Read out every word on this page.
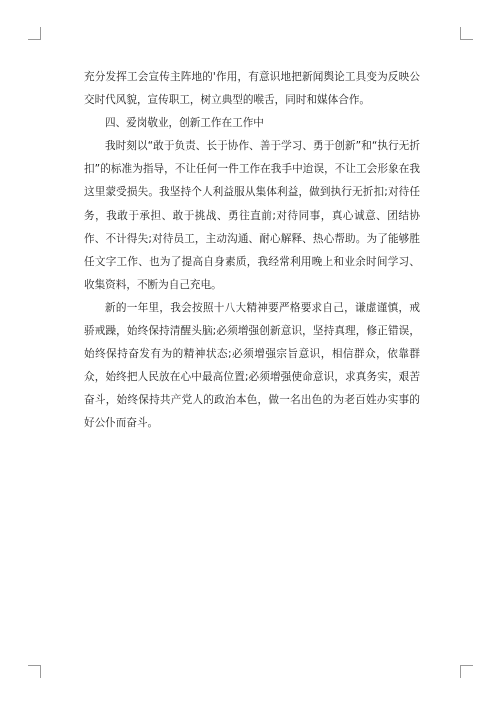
充分发挥工会宣传主阵地的'作用，有意识地把新闻舆论工具变为反映公交时代风貌，宣传职工，树立典型的喉舌，同时和媒体合作。

四、爱岗敬业，创新工作在工作中

我时刻以“敢于负责、长于协作、善于学习、勇于创新”和“执行无折扣”的标准为指导，不让任何一件工作在我手中迨误，不让工会形象在我这里蒙受损失。我坚持个人利益服从集体利益，做到执行无折扣;对待任务，我敢于承担、敢于挑战、勇往直前;对待同事，真心诚意、团结协作、不计得失;对待员工，主动沟通、耐心解释、热心帮助。为了能够胜任文字工作、也为了提高自身素质，我经常利用晚上和业余时间学习、收集资料，不断为自己充电。

新的一年里，我会按照十八大精神要严格要求自己，谦虚谨慎，戒骄戒躁，始终保持清醒头脑;必须增强创新意识，坚持真理，修正错误，始终保持奋发有为的精神状态;必须增强宗旨意识，相信群众，依靠群众，始终把人民放在心中最高位置;必须增强使命意识，求真务实，艰苦奋斗，始终保持共产党人的政治本色，做一名出色的为老百姓办实事的好公仆而奋斗。
